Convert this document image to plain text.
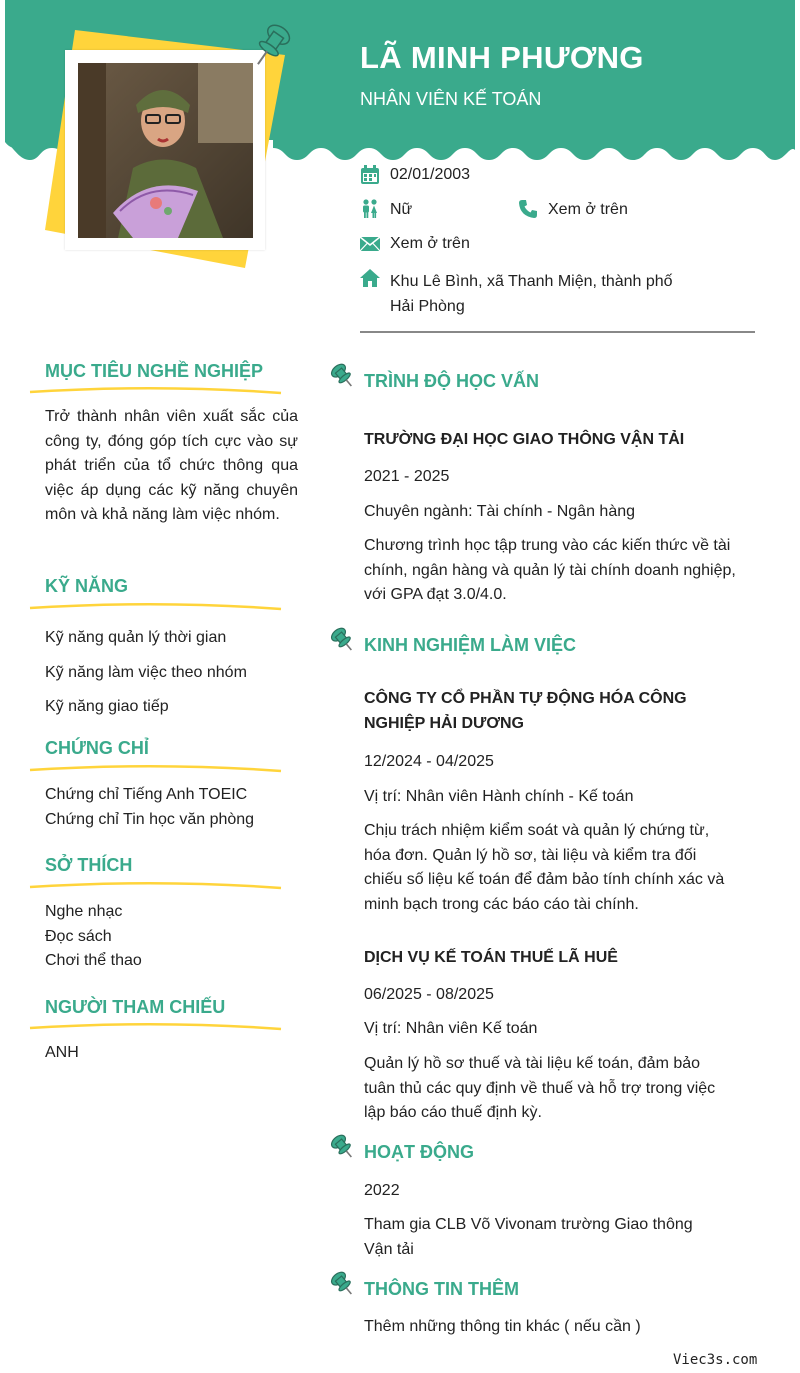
LÃ MINH PHƯƠNG
NHÂN VIÊN KẾ TOÁN
02/01/2003
Nữ	Xem ở trên
Xem ở trên
Khu Lê Bình, xã Thanh Miện, thành phố
Hải Phòng
MỤC TIÊU NGHỀ NGHIỆP
Trở thành nhân viên xuất sắc của công ty, đóng góp tích cực vào sự phát triển của tổ chức thông qua việc áp dụng các kỹ năng chuyên môn và khả năng làm việc nhóm.
KỸ NĂNG
Kỹ năng quản lý thời gian
Kỹ năng làm việc theo nhóm
Kỹ năng giao tiếp
CHỨNG CHỈ
Chứng chỉ Tiếng Anh TOEIC
Chứng chỉ Tin học văn phòng
SỞ THÍCH
Nghe nhạc
Đọc sách
Chơi thể thao
NGƯỜI THAM CHIẾU
ANH
TRÌNH ĐỘ HỌC VẤN
TRƯỜNG ĐẠI HỌC GIAO THÔNG VẬN TẢI
2021 - 2025
Chuyên ngành: Tài chính - Ngân hàng
Chương trình học tập trung vào các kiến thức về tài chính, ngân hàng và quản lý tài chính doanh nghiệp, với GPA đạt 3.0/4.0.
KINH NGHIỆM LÀM VIỆC
CÔNG TY CỔ PHẦN TỰ ĐỘNG HÓA CÔNG NGHIỆP HẢI DƯƠNG
12/2024 - 04/2025
Vị trí: Nhân viên Hành chính - Kế toán
Chịu trách nhiệm kiểm soát và quản lý chứng từ, hóa đơn. Quản lý hồ sơ, tài liệu và kiểm tra đối chiếu số liệu kế toán để đảm bảo tính chính xác và minh bạch trong các báo cáo tài chính.
DỊCH VỤ KẾ TOÁN THUẾ LÃ HUÊ
06/2025 - 08/2025
Vị trí: Nhân viên Kế toán
Quản lý hồ sơ thuế và tài liệu kế toán, đảm bảo tuân thủ các quy định về thuế và hỗ trợ trong việc lập báo cáo thuế định kỳ.
HOẠT ĐỘNG
2022
Tham gia CLB Võ Vivonam trường Giao thông Vận tải
THÔNG TIN THÊM
Thêm những thông tin khác ( nếu cần )
Viec3s.com
